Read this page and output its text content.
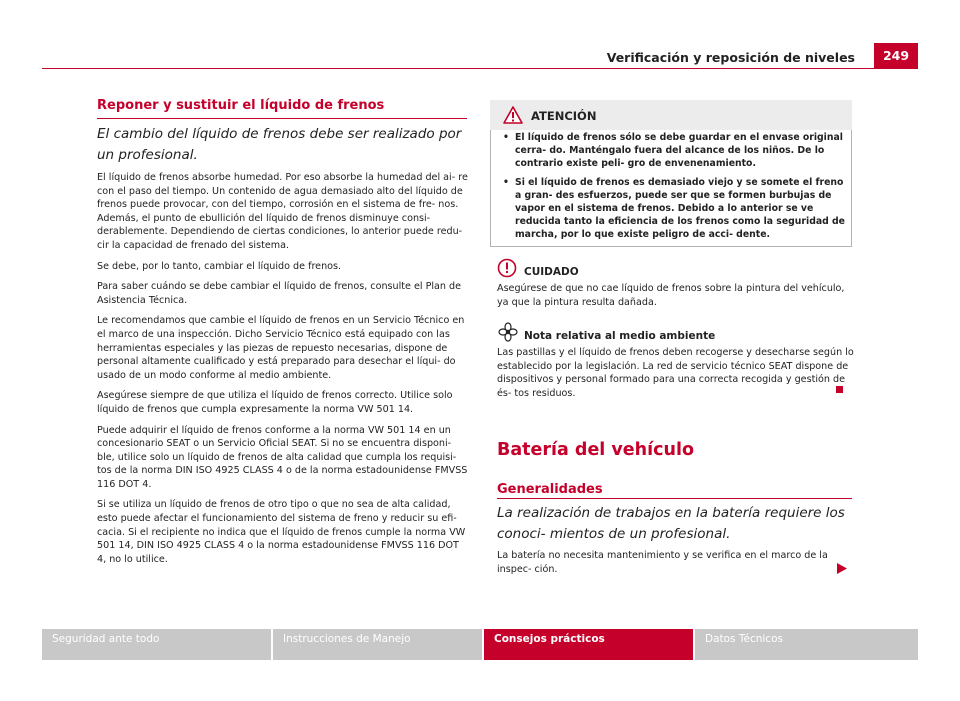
Verificación y reposición de niveles	249
Reponer y sustituir el líquido de frenos
El cambio del líquido de frenos debe ser realizado por un profesional.

El líquido de frenos absorbe humedad. Por eso absorbe la humedad del ai- re con el paso del tiempo. Un contenido de agua demasiado alto del líquido de frenos puede provocar, con del tiempo, corrosión en el sistema de fre- nos. Además, el punto de ebullición del líquido de frenos disminuye consi- derablemente. Dependiendo de ciertas condiciones, lo anterior puede redu- cir la capacidad de frenado del sistema.

Se debe, por lo tanto, cambiar el líquido de frenos.

Para saber cuándo se debe cambiar el líquido de frenos, consulte el Plan de Asistencia Técnica.

Le recomendamos que cambie el líquido de frenos en un Servicio Técnico en el marco de una inspección. Dicho Servicio Técnico está equipado con las herramientas especiales y las piezas de repuesto necesarias, dispone de personal altamente cualificado y está preparado para desechar el líqui- do usado de un modo conforme al medio ambiente.

Asegúrese siempre de que utiliza el líquido de frenos correcto. Utilice solo líquido de frenos que cumpla expresamente la norma VW 501 14.

Puede adquirir el líquido de frenos conforme a la norma VW 501 14 en un concesionario SEAT o un Servicio Oficial SEAT. Si no se encuentra disponi- ble, utilice solo un líquido de frenos de alta calidad que cumpla los requisi- tos de la norma DIN ISO 4925 CLASS 4 o de la norma estadounidense FMVSS 116 DOT 4.

Si se utiliza un líquido de frenos de otro tipo o que no sea de alta calidad, esto puede afectar el funcionamiento del sistema de freno y reducir su efi- cacia. Si el recipiente no indica que el líquido de frenos cumple la norma VW 501 14, DIN ISO 4925 CLASS 4 o la norma estadounidense FMVSS 116 DOT 4, no lo utilice.

ATENCIÓN
• El líquido de frenos sólo se debe guardar en el envase original cerra- do. Manténgalo fuera del alcance de los niños. De lo contrario existe peli- gro de envenenamiento.
• Si el líquido de frenos es demasiado viejo y se somete el freno a gran- des esfuerzos, puede ser que se formen burbujas de vapor en el sistema de frenos. Debido a lo anterior se ve reducida tanto la eficiencia de los frenos como la seguridad de marcha, por lo que existe peligro de acci- dente.
CUIDADO
Asegúrese de que no cae líquido de frenos sobre la pintura del vehículo, ya que la pintura resulta dañada.
Nota relativa al medio ambiente
Las pastillas y el líquido de frenos deben recogerse y desecharse según lo establecido por la legislación. La red de servicio técnico SEAT dispone de dispositivos y personal formado para una correcta recogida y gestión de és- tos residuos.
Batería del vehículo
Generalidades
La realización de trabajos en la batería requiere los conoci- mientos de un profesional.
La batería no necesita mantenimiento y se verifica en el marco de la inspec- ción.
Seguridad ante todo	Instrucciones de Manejo	Consejos prácticos	Datos Técnicos
